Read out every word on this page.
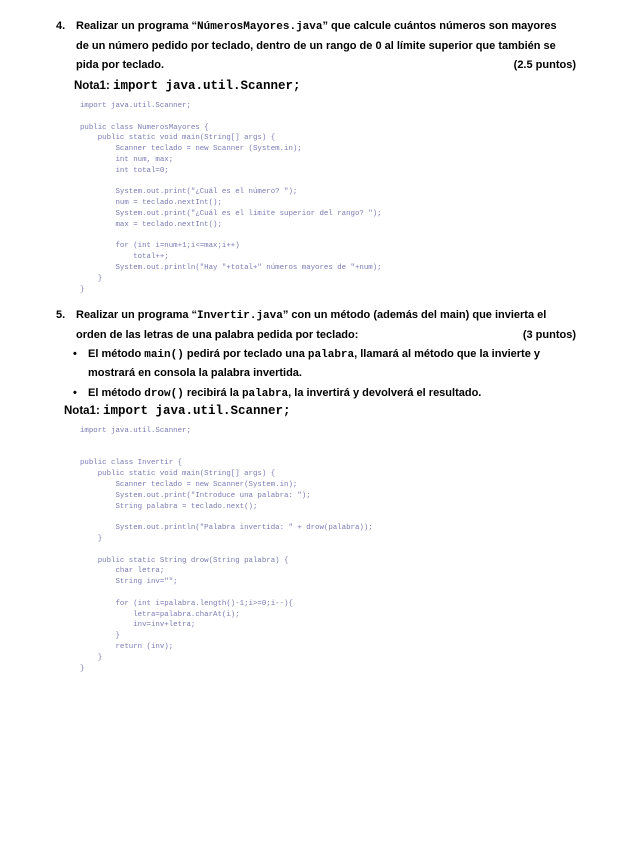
4. Realizar un programa “NúmerosMayores.java” que calcule cuántos números son mayores
de un número pedido por teclado, dentro de un rango de 0 al límite superior que también se
pida por teclado.	(2.5 puntos)
Nota1: import java.util.Scanner;
import java.util.Scanner;

public class NumerosMayores {
public static void main(String[] args) {
Scanner teclado = new Scanner (System.in);
int num, max;
int total=0;

System.out.print("¿Cuál es el número? ");
num = teclado.nextInt();
System.out.print("¿Cuál es el límite superior del rango? ");
max = teclado.nextInt();

for (int i=num+1;i<=max;i++)
total++;
System.out.println("Hay "+total+" números mayores de "+num);
}
}
5. Realizar un programa “Invertir.java” con un método (además del main) que invierta el
orden de las letras de una palabra pedida por teclado:	(3 puntos)
• El método main() pedirá por teclado una palabra, llamará al método que la invierte y
mostrará en consola la palabra invertida.
• El método drow() recibirá la palabra, la invertirá y devolverá el resultado.
Nota1: import java.util.Scanner;
import java.util.Scanner;

public class Invertir {
public static void main(String[] args) {
Scanner teclado = new Scanner(System.in);
System.out.print("Introduce una palabra: ");
String palabra = teclado.next();

System.out.println("Palabra invertida: " + drow(palabra));
}

public static String drow(String palabra) {
char letra;
String inv="";

for (int i=palabra.length()-1;i>=0;i--){
letra=palabra.charAt(i);
inv=inv+letra;
}
return (inv);
}
}
